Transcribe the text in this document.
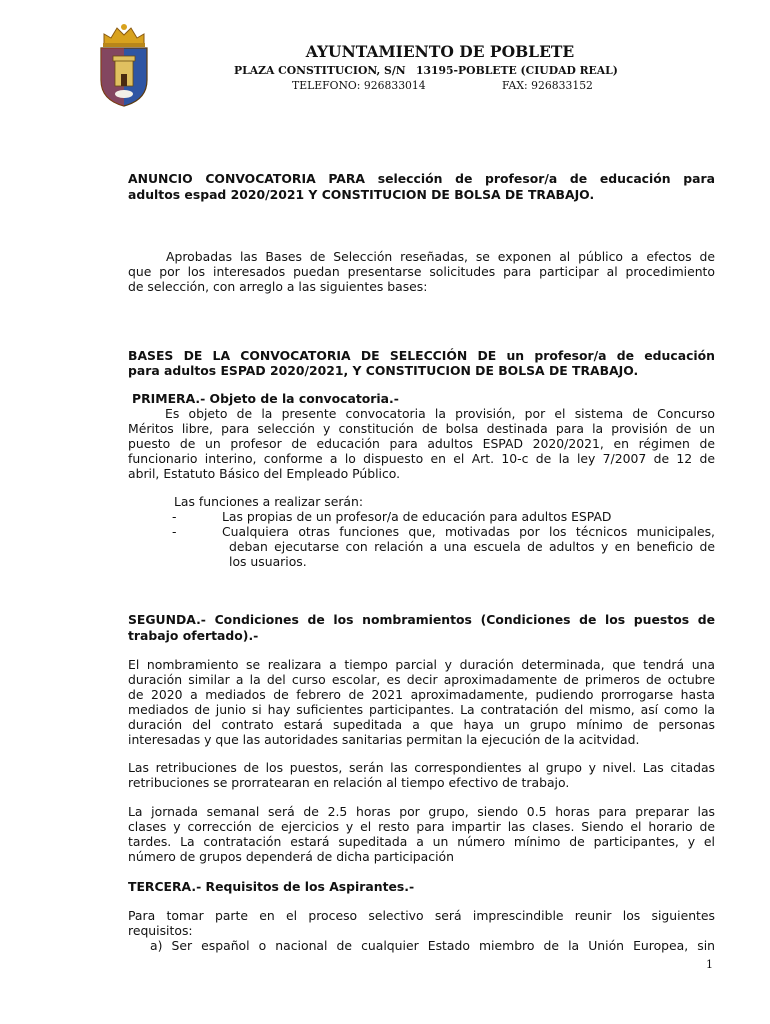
AYUNTAMIENTO DE POBLETE
PLAZA CONSTITUCION, S/N 13195-POBLETE (CIUDAD REAL)
TELEFONO: 926833014	FAX: 926833152
ANUNCIO CONVOCATORIA PARA selección de profesor/a de educación para
adultos espad 2020/2021 Y CONSTITUCION DE BOLSA DE TRABAJO.
Aprobadas las Bases de Selección reseñadas, se exponen al público a efectos de
que por los interesados puedan presentarse solicitudes para participar al procedimiento
de selección, con arreglo a las siguientes bases:
BASES DE LA CONVOCATORIA DE SELECCIÓN DE un profesor/a de educación
para adultos ESPAD 2020/2021, Y CONSTITUCION DE BOLSA DE TRABAJO.
PRIMERA.- Objeto de la convocatoria.-
Es objeto de la presente convocatoria la provisión, por el sistema de Concurso
Méritos libre, para selección y constitución de bolsa destinada para la provisión de un
puesto de un profesor de educación para adultos ESPAD 2020/2021, en régimen de
funcionario interino, conforme a lo dispuesto en el Art. 10-c de la ley 7/2007 de 12 de
abril, Estatuto Básico del Empleado Público.
Las funciones a realizar serán:
-	Las propias de un profesor/a de educación para adultos ESPAD
-	Cualquiera otras funciones que, motivadas por los técnicos municipales,
deban ejecutarse con relación a una escuela de adultos y en beneficio de
los usuarios.
SEGUNDA.- Condiciones de los nombramientos (Condiciones de los puestos de
trabajo ofertado).-
El nombramiento se realizara a tiempo parcial y duración determinada, que tendrá una
duración similar a la del curso escolar, es decir aproximadamente de primeros de octubre
de 2020 a mediados de febrero de 2021 aproximadamente, pudiendo prorrogarse hasta
mediados de junio si hay suficientes participantes. La contratación del mismo, así como la
duración del contrato estará supeditada a que haya un grupo mínimo de personas
interesadas y que las autoridades sanitarias permitan la ejecución de la acitvidad.
Las retribuciones de los puestos, serán las correspondientes al grupo y nivel. Las citadas
retribuciones se prorratearan en relación al tiempo efectivo de trabajo.
La jornada semanal será de 2.5 horas por grupo, siendo 0.5 horas para preparar las
clases y corrección de ejercicios y el resto para impartir las clases. Siendo el horario de
tardes. La contratación estará supeditada a un número mínimo de participantes, y el
número de grupos dependerá de dicha participación
TERCERA.- Requisitos de los Aspirantes.-
Para tomar parte en el proceso selectivo será imprescindible reunir los siguientes
requisitos:
a) Ser español o nacional de cualquier Estado miembro de la Unión Europea, sin
1
